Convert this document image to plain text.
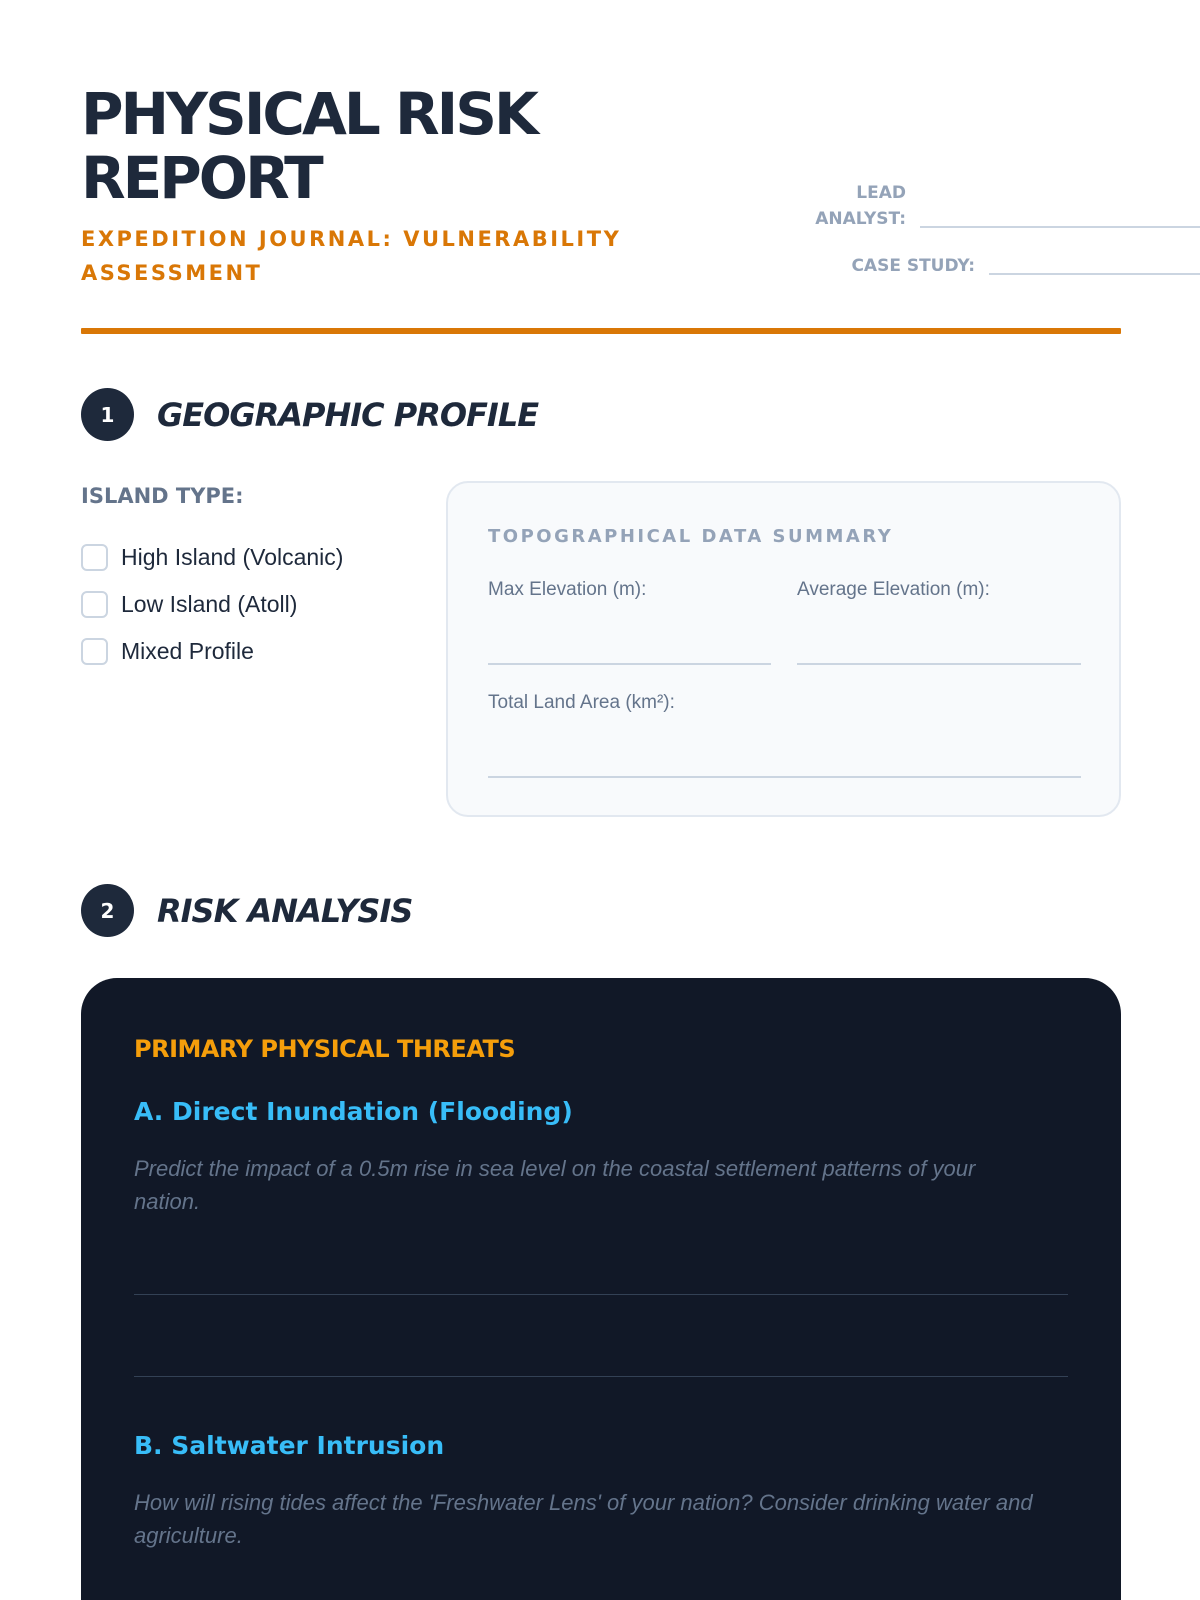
PHYSICAL RISK
REPORT
EXPEDITION JOURNAL: VULNERABILITY ASSESSMENT
LEAD
ANALYST:
CASE STUDY:
1	GEOGRAPHIC PROFILE
ISLAND TYPE:
High Island (Volcanic)
Low Island (Atoll)
Mixed Profile
TOPOGRAPHICAL DATA SUMMARY
Max Elevation (m):	Average Elevation (m):
Total Land Area (km²):
2	RISK ANALYSIS
PRIMARY PHYSICAL THREATS
A. Direct Inundation (Flooding)
Predict the impact of a 0.5m rise in sea level on the coastal settlement patterns of your nation.
B. Saltwater Intrusion
How will rising tides affect the 'Freshwater Lens' of your nation? Consider drinking water and agriculture.
